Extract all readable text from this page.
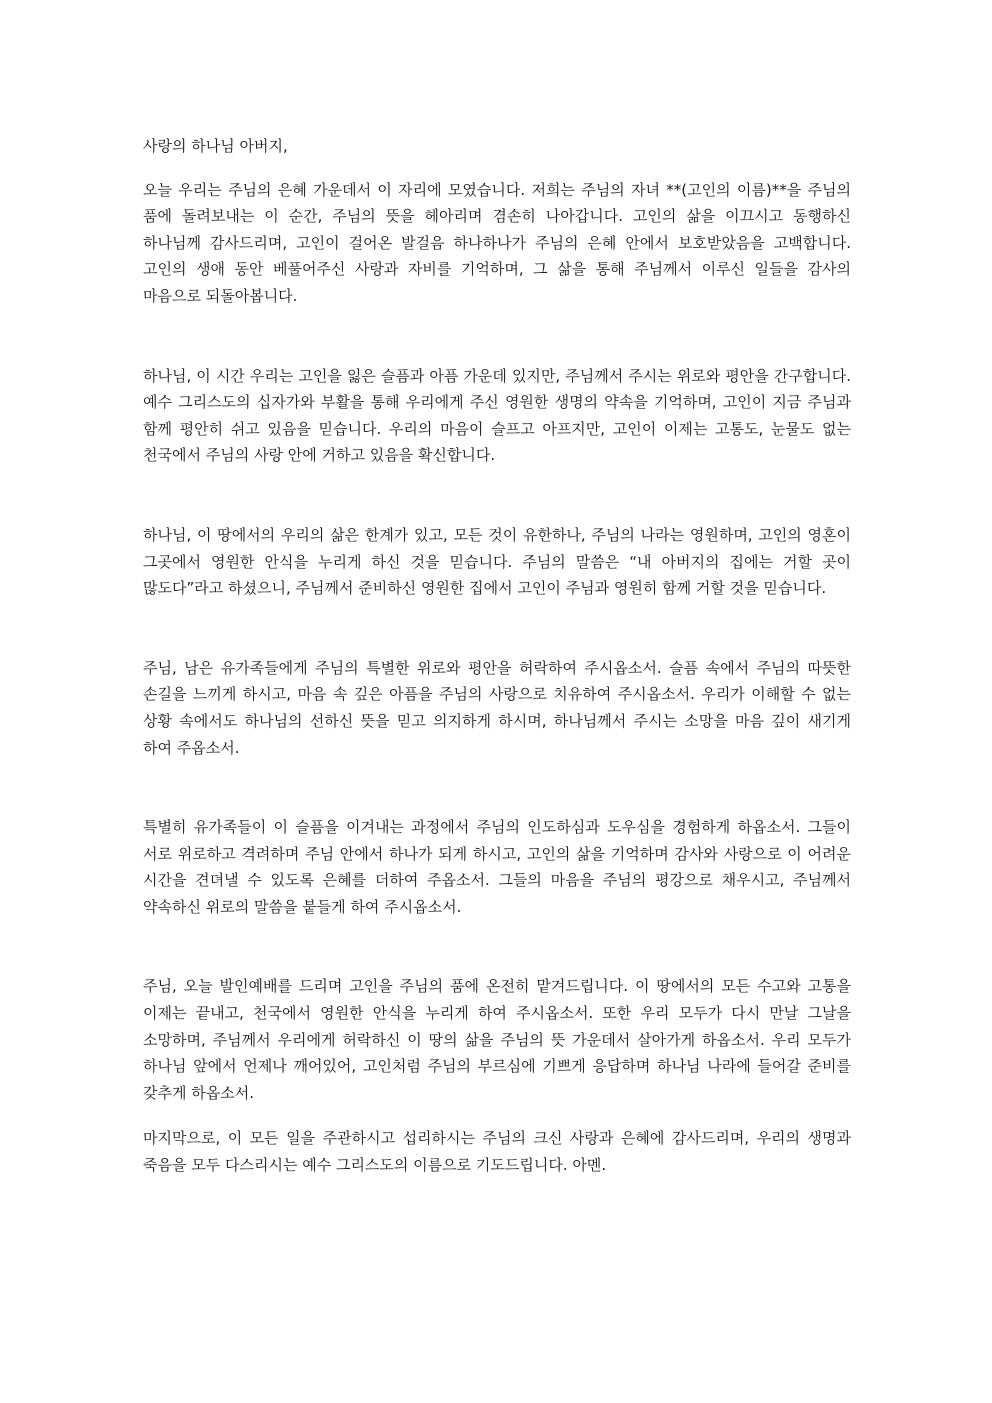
사랑의 하나님 아버지,

오늘 우리는 주님의 은혜 가운데서 이 자리에 모였습니다. 저희는 주님의 자녀 **(고인의 이름)**을 주님의 품에 돌려보내는 이 순간, 주님의 뜻을 헤아리며 겸손히 나아갑니다. 고인의 삶을 이끄시고 동행하신 하나님께 감사드리며, 고인이 걸어온 발걸음 하나하나가 주님의 은혜 안에서 보호받았음을 고백합니다. 고인의 생애 동안 베풀어주신 사랑과 자비를 기억하며, 그 삶을 통해 주님께서 이루신 일들을 감사의 마음으로 되돌아봅니다.

하나님, 이 시간 우리는 고인을 잃은 슬픔과 아픔 가운데 있지만, 주님께서 주시는 위로와 평안을 간구합니다. 예수 그리스도의 십자가와 부활을 통해 우리에게 주신 영원한 생명의 약속을 기억하며, 고인이 지금 주님과 함께 평안히 쉬고 있음을 믿습니다. 우리의 마음이 슬프고 아프지만, 고인이 이제는 고통도, 눈물도 없는 천국에서 주님의 사랑 안에 거하고 있음을 확신합니다.

하나님, 이 땅에서의 우리의 삶은 한계가 있고, 모든 것이 유한하나, 주님의 나라는 영원하며, 고인의 영혼이 그곳에서 영원한 안식을 누리게 하신 것을 믿습니다. 주님의 말씀은 “내 아버지의 집에는 거할 곳이 많도다”라고 하셨으니, 주님께서 준비하신 영원한 집에서 고인이 주님과 영원히 함께 거할 것을 믿습니다.

주님, 남은 유가족들에게 주님의 특별한 위로와 평안을 허락하여 주시옵소서. 슬픔 속에서 주님의 따뜻한 손길을 느끼게 하시고, 마음 속 깊은 아픔을 주님의 사랑으로 치유하여 주시옵소서. 우리가 이해할 수 없는 상황 속에서도 하나님의 선하신 뜻을 믿고 의지하게 하시며, 하나님께서 주시는 소망을 마음 깊이 새기게 하여 주옵소서.

특별히 유가족들이 이 슬픔을 이겨내는 과정에서 주님의 인도하심과 도우심을 경험하게 하옵소서. 그들이 서로 위로하고 격려하며 주님 안에서 하나가 되게 하시고, 고인의 삶을 기억하며 감사와 사랑으로 이 어려운 시간을 견뎌낼 수 있도록 은혜를 더하여 주옵소서. 그들의 마음을 주님의 평강으로 채우시고, 주님께서 약속하신 위로의 말씀을 붙들게 하여 주시옵소서.

주님, 오늘 발인예배를 드리며 고인을 주님의 품에 온전히 맡겨드립니다. 이 땅에서의 모든 수고와 고통을 이제는 끝내고, 천국에서 영원한 안식을 누리게 하여 주시옵소서. 또한 우리 모두가 다시 만날 그날을 소망하며, 주님께서 우리에게 허락하신 이 땅의 삶을 주님의 뜻 가운데서 살아가게 하옵소서. 우리 모두가 하나님 앞에서 언제나 깨어있어, 고인처럼 주님의 부르심에 기쁘게 응답하며 하나님 나라에 들어갈 준비를 갖추게 하옵소서.

마지막으로, 이 모든 일을 주관하시고 섭리하시는 주님의 크신 사랑과 은혜에 감사드리며, 우리의 생명과 죽음을 모두 다스리시는 예수 그리스도의 이름으로 기도드립니다. 아멘.
